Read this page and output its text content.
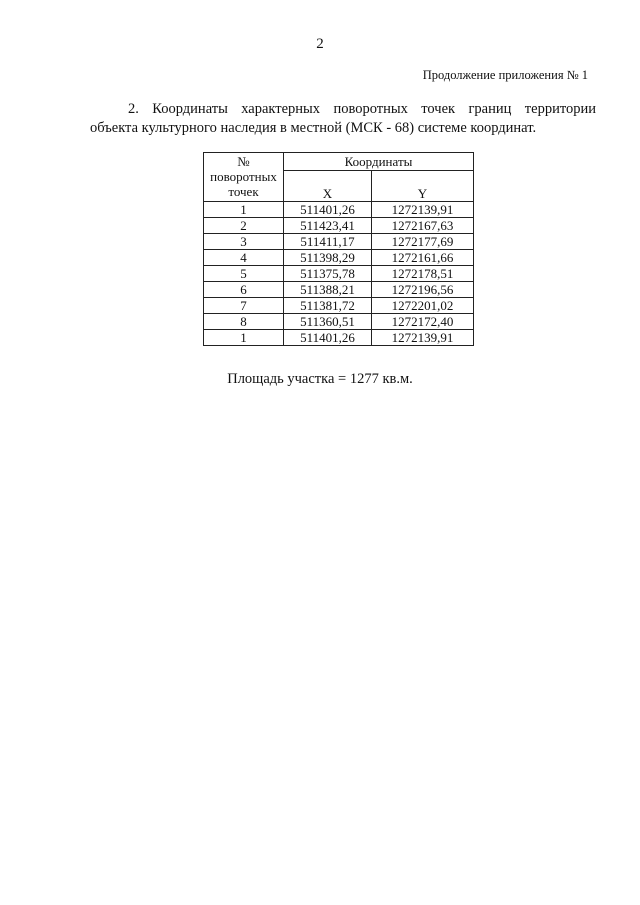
2
Продолжение приложения № 1
2. Координаты характерных поворотных точек границ территории
объекта культурного наследия в местной (МСК - 68) системе координат.
№
поворотных
точек	Координаты	
	X	Y
1	511401,26	1272139,91
2	511423,41	1272167,63
3	511411,17	1272177,69
4	511398,29	1272161,66
5	511375,78	1272178,51
6	511388,21	1272196,56
7	511381,72	1272201,02
8	511360,51	1272172,40
1	511401,26	1272139,91
Площадь участка = 1277 кв.м.
